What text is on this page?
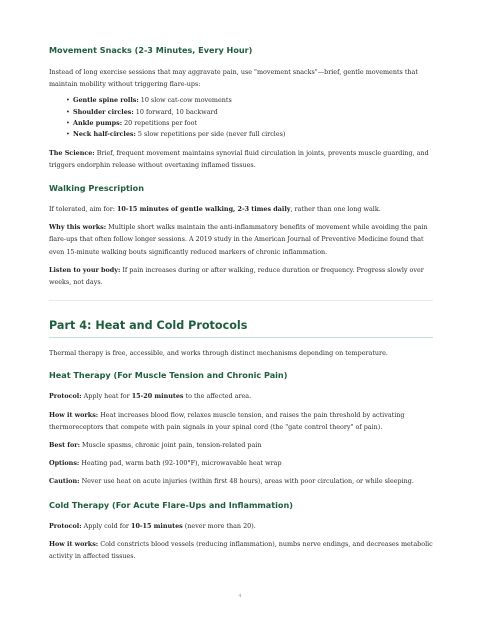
Movement Snacks (2-3 Minutes, Every Hour)

Instead of long exercise sessions that may aggravate pain, use "movement snacks"—brief, gentle movements that maintain mobility without triggering flare-ups:

• Gentle spine rolls: 10 slow cat-cow movements
• Shoulder circles: 10 forward, 10 backward
• Ankle pumps: 20 repetitions per foot
• Neck half-circles: 5 slow repetitions per side (never full circles)

The Science: Brief, frequent movement maintains synovial fluid circulation in joints, prevents muscle guarding, and triggers endorphin release without overtaxing inflamed tissues.

Walking Prescription

If tolerated, aim for: 10-15 minutes of gentle walking, 2-3 times daily, rather than one long walk.

Why this works: Multiple short walks maintain the anti-inflammatory benefits of movement while avoiding the pain flare-ups that often follow longer sessions. A 2019 study in the American Journal of Preventive Medicine found that even 15-minute walking bouts significantly reduced markers of chronic inflammation.

Listen to your body: If pain increases during or after walking, reduce duration or frequency. Progress slowly over weeks, not days.

Part 4: Heat and Cold Protocols

Thermal therapy is free, accessible, and works through distinct mechanisms depending on temperature.

Heat Therapy (For Muscle Tension and Chronic Pain)

Protocol: Apply heat for 15-20 minutes to the affected area.

How it works: Heat increases blood flow, relaxes muscle tension, and raises the pain threshold by activating thermoreceptors that compete with pain signals in your spinal cord (the "gate control theory" of pain).

Best for: Muscle spasms, chronic joint pain, tension-related pain

Options: Heating pad, warm bath (92-100°F), microwavable heat wrap

Caution: Never use heat on acute injuries (within first 48 hours), areas with poor circulation, or while sleeping.

Cold Therapy (For Acute Flare-Ups and Inflammation)

Protocol: Apply cold for 10-15 minutes (never more than 20).

How it works: Cold constricts blood vessels (reducing inflammation), numbs nerve endings, and decreases metabolic activity in affected tissues.

4
